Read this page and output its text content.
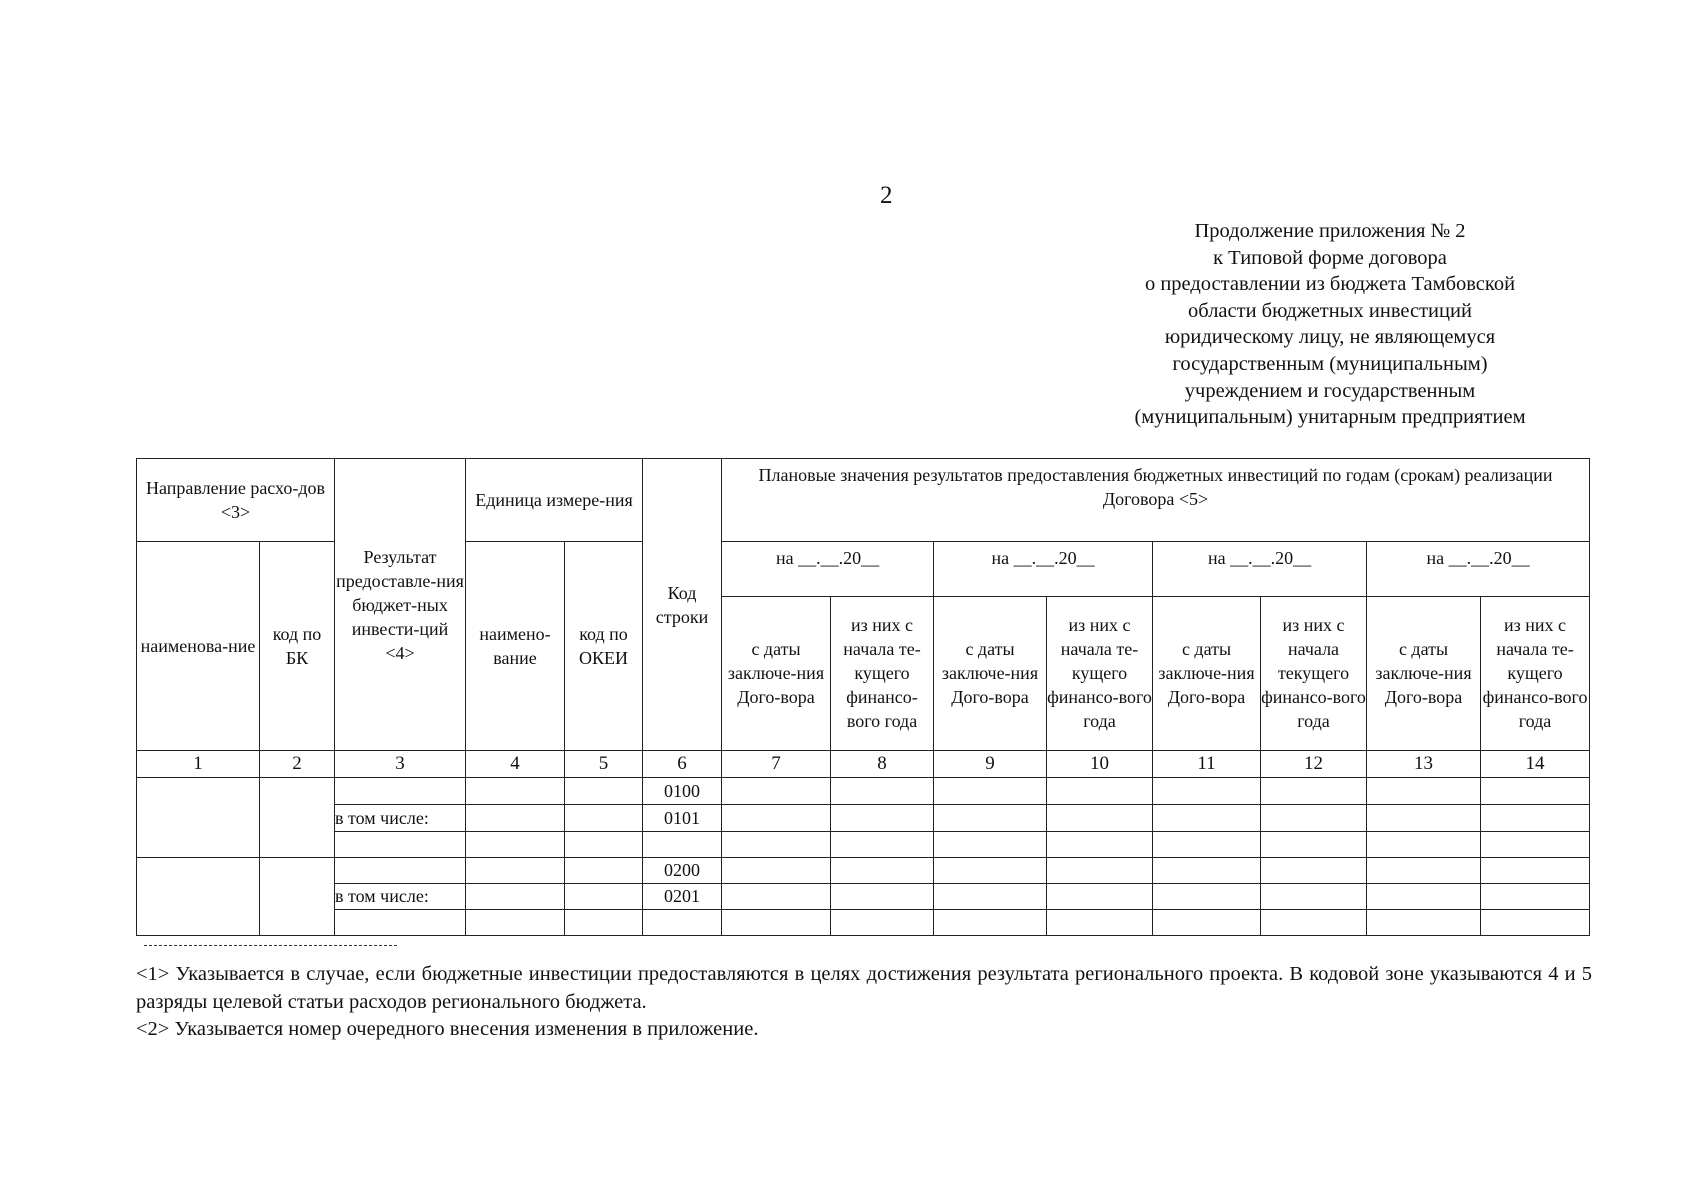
2
Продолжение приложения № 2
к Типовой форме договора
о предоставлении из бюджета Тамбовской
области бюджетных инвестиций
юридическому лицу, не являющемуся
государственным (муниципальным)
учреждением и государственным
(муниципальным) унитарным предприятием
Направление расхо-дов <3>		Результат предоставле-ния бюджет-ных инвести-ций <4>	Единица измере-ния		Код строки	Плановые значения результатов предоставления бюджетных инвестиций по годам (срокам) реализации Договора <5>							
наименова-ние	код по БК		наимено-вание	код по ОКЕИ		на __.__.20__		на __.__.20__		на __.__.20__		на __.__.20__	
						с даты заключе-ния Дого-вора	из них с начала те-кущего финансо-вого года	с даты заключе-ния Дого-вора	из них с начала те-кущего финансо-вого года	с даты заключе-ния Дого-вора	из них с начала текущего финансо-вого года	с даты заключе-ния Дого-вора	из них с начала те-кущего финансо-вого года
1	2	3	4	5	6	7	8	9	10	11	12	13	14
					0100								
		в том числе:			0101								

					0200								
		в том числе:			0201								

<1> Указывается в случае, если бюджетные инвестиции предоставляются в целях достижения результата регионального проекта. В кодовой зоне указываются 4 и 5 разряды целевой статьи расходов регионального бюджета.

<2> Указывается номер очередного внесения изменения в приложение.
